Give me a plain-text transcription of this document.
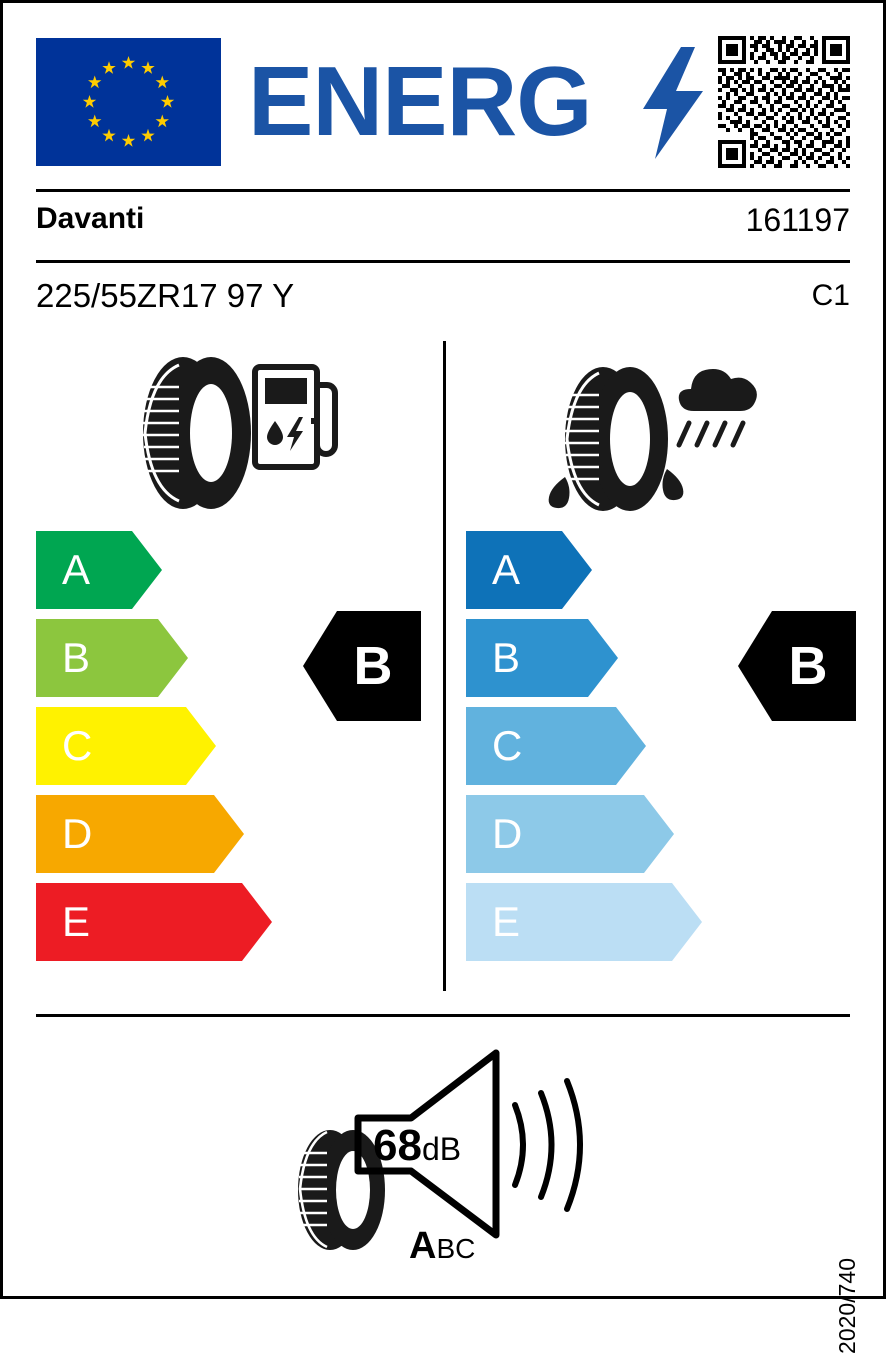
ENERG
Davanti	161197
225/55ZR17 97 Y	C1
A
B
C
D
E
A
B
C
D
E
B	B
68dB
ABC
2020/740
